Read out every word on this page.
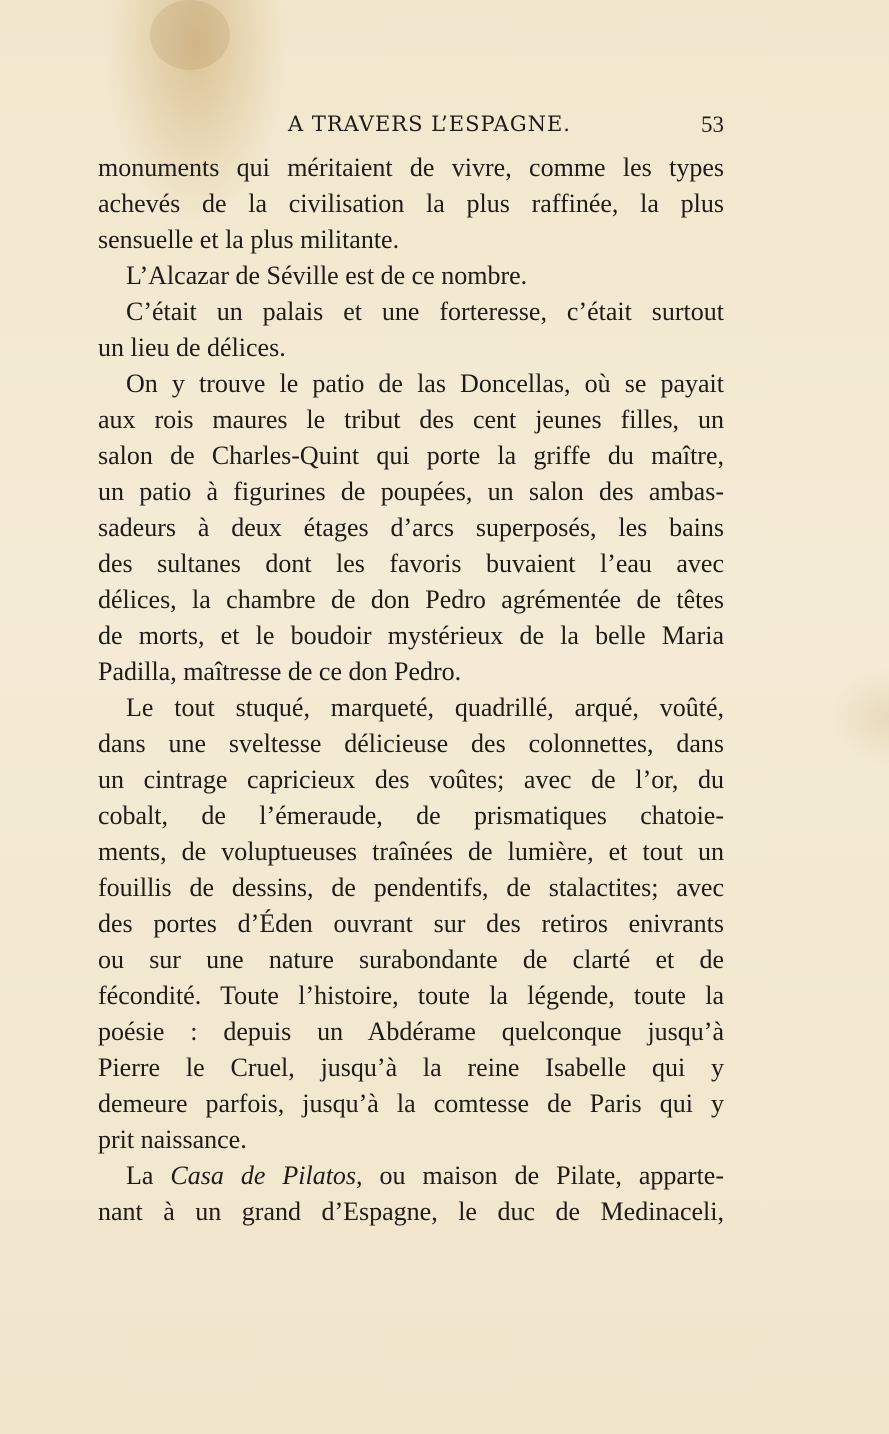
A TRAVERS L’ESPAGNE.	53
monuments qui méritaient de vivre, comme les types
achevés de la civilisation la plus raffinée, la plus
sensuelle et la plus militante.
L’Alcazar de Séville est de ce nombre.
C’était un palais et une forteresse, c’était surtout
un lieu de délices.
On y trouve le patio de las Doncellas, où se payait
aux rois maures le tribut des cent jeunes filles, un
salon de Charles-Quint qui porte la griffe du maître,
un patio à figurines de poupées, un salon des ambas-
sadeurs à deux étages d’arcs superposés, les bains
des sultanes dont les favoris buvaient l’eau avec
délices, la chambre de don Pedro agrémentée de têtes
de morts, et le boudoir mystérieux de la belle Maria
Padilla, maîtresse de ce don Pedro.
Le tout stuqué, marqueté, quadrillé, arqué, voûté,
dans une sveltesse délicieuse des colonnettes, dans
un cintrage capricieux des voûtes; avec de l’or, du
cobalt, de l’émeraude, de prismatiques chatoie-
ments, de voluptueuses traînées de lumière, et tout un
fouillis de dessins, de pendentifs, de stalactites; avec
des portes d’Éden ouvrant sur des retiros enivrants
ou sur une nature surabondante de clarté et de
fécondité. Toute l’histoire, toute la légende, toute la
poésie : depuis un Abdérame quelconque jusqu’à
Pierre le Cruel, jusqu’à la reine Isabelle qui y
demeure parfois, jusqu’à la comtesse de Paris qui y
prit naissance.
La Casa de Pilatos, ou maison de Pilate, apparte-
nant à un grand d’Espagne, le duc de Medinaceli,
